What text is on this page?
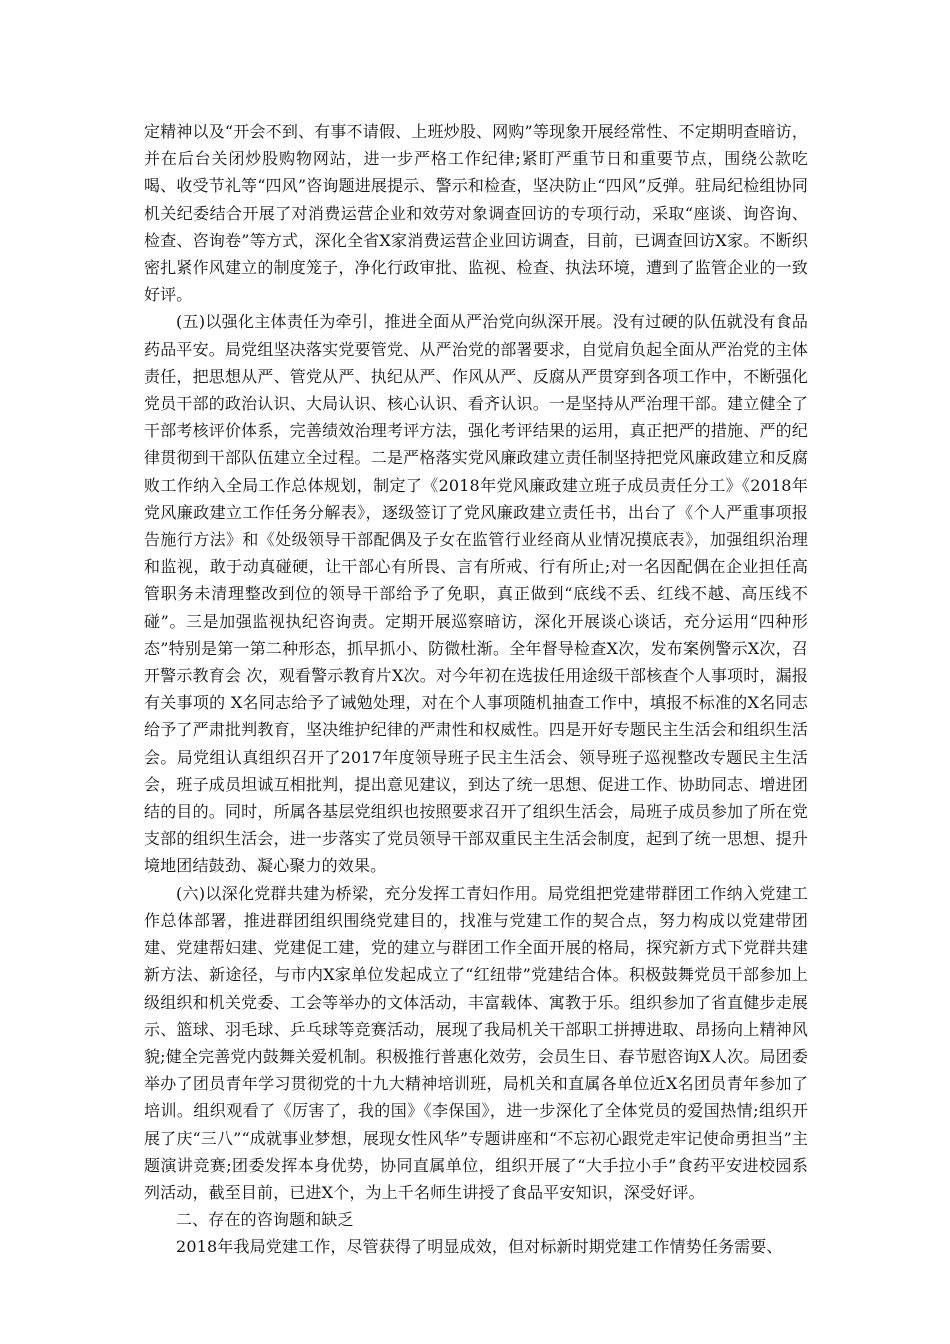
定精神以及“开会不到、有事不请假、上班炒股、网购”等现象开展经常性、不定期明查暗访，并在后台关闭炒股购物网站，进一步严格工作纪律;紧盯严重节日和重要节点，围绕公款吃喝、收受节礼等“四风”咨询题进展提示、警示和检查，坚决防止“四风”反弹。驻局纪检组协同机关纪委结合开展了对消费运营企业和效劳对象调查回访的专项行动，采取“座谈、询咨询、检查、咨询卷”等方式，深化全省X家消费运营企业回访调查，目前，已调查回访X家。不断织密扎紧作风建立的制度笼子，净化行政审批、监视、检查、执法环境，遭到了监管企业的一致好评。

(五)以强化主体责任为牵引，推进全面从严治党向纵深开展。没有过硬的队伍就没有食品药品平安。局党组坚决落实党要管党、从严治党的部署要求，自觉肩负起全面从严治党的主体责任，把思想从严、管党从严、执纪从严、作风从严、反腐从严贯穿到各项工作中，不断强化党员干部的政治认识、大局认识、核心认识、看齐认识。一是坚持从严治理干部。建立健全了干部考核评价体系，完善绩效治理考评方法，强化考评结果的运用，真正把严的措施、严的纪律贯彻到干部队伍建立全过程。二是严格落实党风廉政建立责任制坚持把党风廉政建立和反腐败工作纳入全局工作总体规划，制定了《2018年党风廉政建立班子成员责任分工》《2018年党风廉政建立工作任务分解表》，逐级签订了党风廉政建立责任书，出台了《个人严重事项报告施行方法》和《处级领导干部配偶及子女在监管行业经商从业情况摸底表》，加强组织治理和监视，敢于动真碰硬，让干部心有所畏、言有所戒、行有所止;对一名因配偶在企业担任高管职务未清理整改到位的领导干部给予了免职，真正做到“底线不丢、红线不越、高压线不碰”。三是加强监视执纪咨询责。定期开展巡察暗访，深化开展谈心谈话，充分运用“四种形态”特别是第一第二种形态，抓早抓小、防微杜渐。全年督导检查X次，发布案例警示X次，召开警示教育会 次，观看警示教育片X次。对今年初在选拔任用途级干部核查个人事项时，漏报有关事项的 X名同志给予了诫勉处理，对在个人事项随机抽查工作中，填报不标准的X名同志给予了严肃批判教育，坚决维护纪律的严肃性和权威性。四是开好专题民主生活会和组织生活会。局党组认真组织召开了2017年度领导班子民主生活会、领导班子巡视整改专题民主生活会，班子成员坦诚互相批判，提出意见建议，到达了统一思想、促进工作、协助同志、增进团结的目的。同时，所属各基层党组织也按照要求召开了组织生活会，局班子成员参加了所在党支部的组织生活会，进一步落实了党员领导干部双重民主生活会制度，起到了统一思想、提升境地团结鼓劲、凝心聚力的效果。

(六)以深化党群共建为桥梁，充分发挥工青妇作用。局党组把党建带群团工作纳入党建工作总体部署，推进群团组织围绕党建目的，找准与党建工作的契合点，努力构成以党建带团建、党建帮妇建、党建促工建，党的建立与群团工作全面开展的格局，探究新方式下党群共建新方法、新途径，与市内X家单位发起成立了“红纽带”党建结合体。积极鼓舞党员干部参加上级组织和机关党委、工会等举办的文体活动，丰富载体、寓教于乐。组织参加了省直健步走展示、篮球、羽毛球、乒乓球等竞赛活动，展现了我局机关干部职工拼搏进取、昂扬向上精神风貌;健全完善党内鼓舞关爱机制。积极推行普惠化效劳，会员生日、春节慰咨询X人次。局团委举办了团员青年学习贯彻党的十九大精神培训班，局机关和直属各单位近X名团员青年参加了培训。组织观看了《厉害了，我的国》《李保国》，进一步深化了全体党员的爱国热情;组织开展了庆“三八”“成就事业梦想，展现女性风华”专题讲座和“不忘初心跟党走牢记使命勇担当”主题演讲竞赛;团委发挥本身优势，协同直属单位，组织开展了“大手拉小手”食药平安进校园系列活动，截至目前，已进X个，为上千名师生讲授了食品平安知识，深受好评。

二、存在的咨询题和缺乏

2018年我局党建工作，尽管获得了明显成效，但对标新时期党建工作情势任务需要、
